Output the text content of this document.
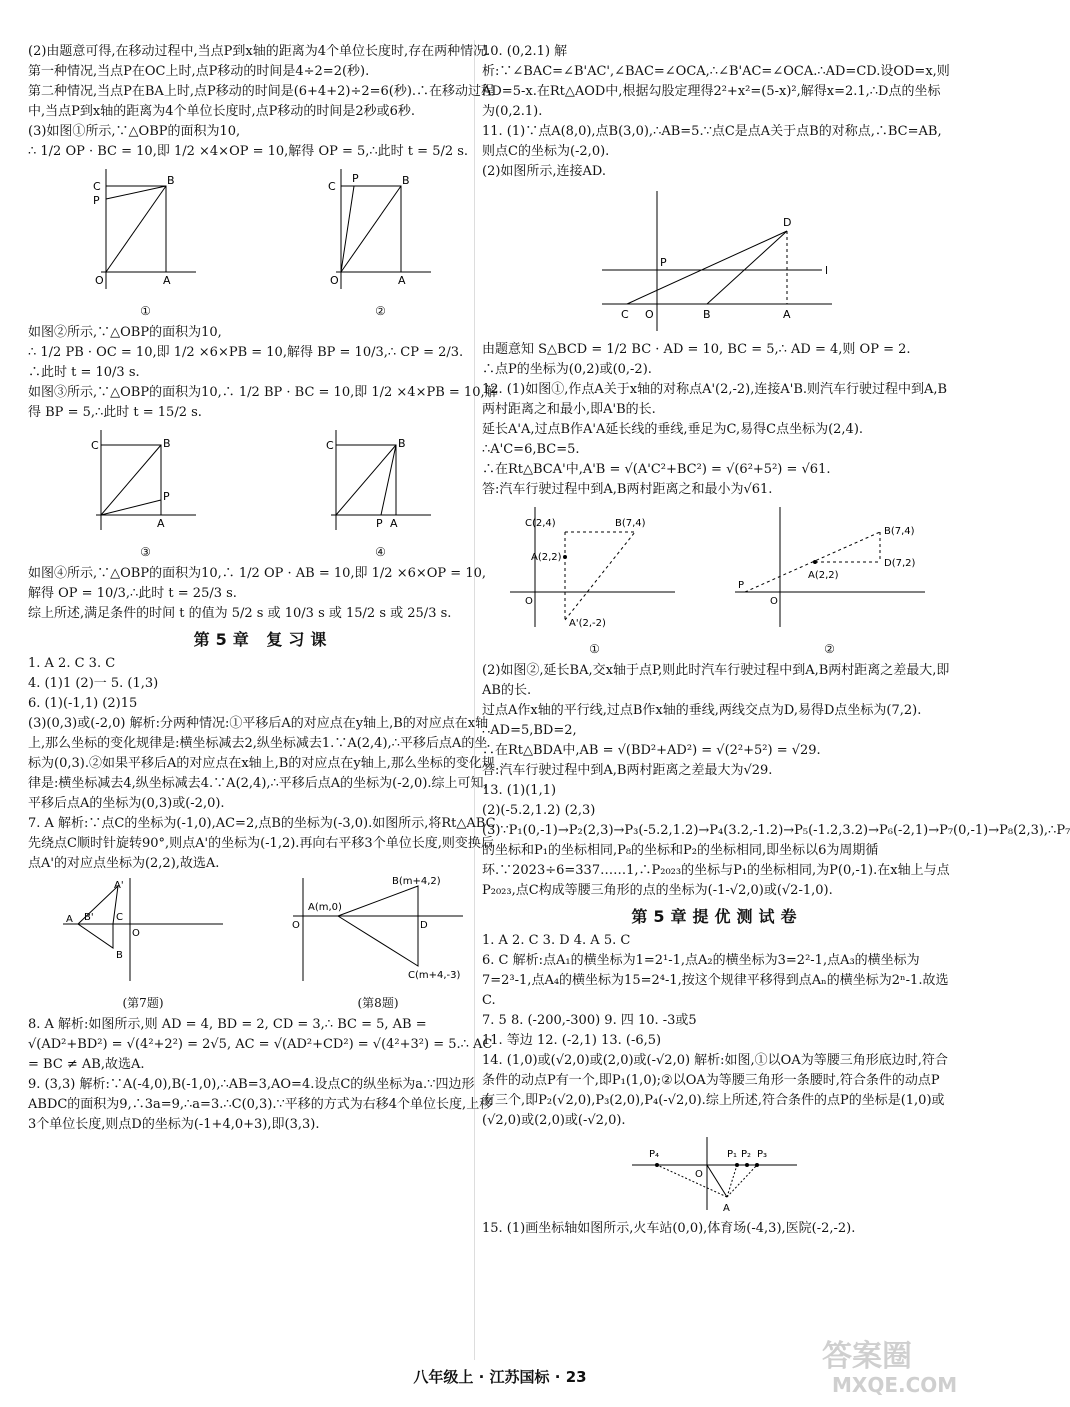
(2)由题意可得,在移动过程中,当点P到x轴的距离为4个单位长度时,存在两种情况.

第一种情况,当点P在OC上时,点P移动的时间是4÷2=2(秒).

第二种情况,当点P在BA上时,点P移动的时间是(6+4+2)÷2=6(秒).∴在移动过程中,当点P到x轴的距离为4个单位长度时,点P移动的时间是2秒或6秒.

(3)如图①所示,∵△OBP的面积为10,

∴ 1/2 OP · BC = 10,即 1/2 ×4×OP = 10,解得 OP = 5,∴此时 t = 5/2 s.

B
C
P
O	A
①
B
C
P
O	A
②

如图②所示,∵△OBP的面积为10,

∴ 1/2 PB · OC = 10,即 1/2 ×6×PB = 10,解得 BP = 10/3,∴ CP = 2/3.

∴此时 t = 10/3 s.

如图③所示,∵△OBP的面积为10,∴ 1/2 BP · BC = 10,即 1/2 ×4×PB = 10,解得 BP = 5,∴此时 t = 15/2 s.

B
C
P
A
③
B
C
P A
④

如图④所示,∵△OBP的面积为10,∴ 1/2 OP · AB = 10,即 1/2 ×6×OP = 10,解得 OP = 10/3,∴此时 t = 25/3 s.

综上所述,满足条件的时间 t 的值为 5/2 s 或 10/3 s 或 15/2 s 或 25/3 s.

第5章 复习课

1. A 2. C 3. C

4. (1)1 (2)一 5. (1,3)

6. (1)(-1,1) (2)15

(3)(0,3)或(-2,0) 解析:分两种情况:①平移后A的对应点在y轴上,B的对应点在x轴上,那么坐标的变化规律是:横坐标减去2,纵坐标减去1.∵A(2,4),∴平移后点A的坐标为(0,3).②如果平移后A的对应点在x轴上,B的对应点在y轴上,那么坐标的变化规律是:横坐标减去4,纵坐标减去4.∵A(2,4),∴平移后点A的坐标为(-2,0).综上可知,平移后点A的坐标为(0,3)或(-2,0).

7. A 解析:∵点C的坐标为(-1,0),AC=2,点B的坐标为(-3,0).如图所示,将Rt△ABC先绕点C顺时针旋转90°,则点A'的坐标为(-1,2).再向右平移3个单位长度,则变换后点A'的对应点坐标为(2,2),故选A.

A'
A B' C
B
O
(第7题)
B(m+4,2)
A(m,0)
C(m+4,-3)
D
O
(第8题)

8. A 解析:如图所示,则 AD = 4, BD = 2, CD = 3,∴ BC = 5, AB = √(AD²+BD²) = √(4²+2²) = 2√5, AC = √(AD²+CD²) = √(4²+3²) = 5.∴ AC = BC ≠ AB,故选A.

9. (3,3) 解析:∵A(-4,0),B(-1,0),∴AB=3,AO=4.设点C的纵坐标为a.∵四边形ABDC的面积为9,∴3a=9,∴a=3.∴C(0,3).∵平移的方式为右移4个单位长度,上移3个单位长度,则点D的坐标为(-1+4,0+3),即(3,3).

10. (0,2.1) 解析:∵∠BAC=∠B'AC',∠BAC=∠OCA,∴∠B'AC=∠OCA.∴AD=CD.设OD=x,则AD=5-x.在Rt△AOD中,根据勾股定理得2²+x²=(5-x)²,解得x=2.1,∴D点的坐标为(0,2.1).

11. (1)∵点A(8,0),点B(3,0),∴AB=5.∵点C是点A关于点B的对称点,∴BC=AB,则点C的坐标为(-2,0).

(2)如图所示,连接AD.

D
P
l
C O	B	A

由题意知 S△BCD = 1/2 BC · AD = 10, BC = 5,∴ AD = 4,则 OP = 2.

∴点P的坐标为(0,2)或(0,-2).

12. (1)如图①,作点A关于x轴的对称点A'(2,-2),连接A'B.则汽车行驶过程中到A,B两村距离之和最小,即A'B的长.

延长A'A,过点B作A'A延长线的垂线,垂足为C,易得C点坐标为(2,4).

∴A'C=6,BC=5.

∴在Rt△BCA'中,A'B = √(A'C²+BC²) = √(6²+5²) = √61.

答:汽车行驶过程中到A,B两村距离之和最小为√61.

C(2,4)	B(7,4)
A(2,2)
A'(2,-2)
O
①
B(7,4)
D(7,2)
A(2,2)
P
O
②

(2)如图②,延长BA,交x轴于点P,则此时汽车行驶过程中到A,B两村距离之差最大,即AB的长.

过点A作x轴的平行线,过点B作x轴的垂线,两线交点为D,易得D点坐标为(7,2).

∴AD=5,BD=2,

∴在Rt△BDA中,AB = √(BD²+AD²) = √(2²+5²) = √29.

答:汽车行驶过程中到A,B两村距离之差最大为√29.

13. (1)(1,1)

(2)(-5.2,1.2) (2,3)

(3)∵P₁(0,-1)→P₂(2,3)→P₃(-5.2,1.2)→P₄(3.2,-1.2)→P₅(-1.2,3.2)→P₆(-2,1)→P₇(0,-1)→P₈(2,3),∴P₇的坐标和P₁的坐标相同,P₈的坐标和P₂的坐标相同,即坐标以6为周期循环.∵2023÷6=337……1,∴P₂₀₂₃的坐标与P₁的坐标相同,为P(0,-1).在x轴上与点P₂₀₂₃,点C构成等腰三角形的点的坐标为(-1-√2,0)或(√2-1,0).

第5章提优测试卷

1. A 2. C 3. D 4. A 5. C

6. C 解析:点A₁的横坐标为1=2¹-1,点A₂的横坐标为3=2²-1,点A₃的横坐标为7=2³-1,点A₄的横坐标为15=2⁴-1,按这个规律平移得到点Aₙ的横坐标为2ⁿ-1.故选C.

7. 5 8. (-200,-300) 9. 四 10. -3或5

11. 等边 12. (-2,1) 13. (-6,5)

14. (1,0)或(√2,0)或(2,0)或(-√2,0) 解析:如图,①以OA为等腰三角形底边时,符合条件的动点P有一个,即P₁(1,0);②以OA为等腰三角形一条腰时,符合条件的动点P有三个,即P₂(√2,0),P₃(2,0),P₄(-√2,0).综上所述,符合条件的点P的坐标是(1,0)或(√2,0)或(2,0)或(-√2,0).

P₄	P₁ P₂ P₃
O
A

15. (1)画坐标轴如图所示,火车站(0,0),体育场(-4,3),医院(-2,-2).

八年级上 · 江苏国标 · 23
答案圈
MXQE.COM
